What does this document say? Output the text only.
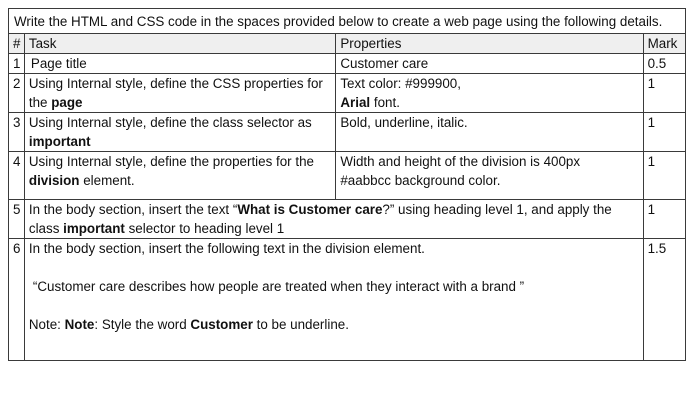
Write the HTML and CSS code in the spaces provided below to create a web page using the following details.			
#	Task	Properties	Mark
1	Page title	Customer care	0.5
2	Using Internal style, define the CSS properties for the page	Text color: #999900,
Arial font.	1
3	Using Internal style, define the class selector as important	Bold, underline, italic.	1
4	Using Internal style, define the properties for the division element.	Width and height of the division is 400px
#aabbcc background color.	1
5	In the body section, insert the text “What is Customer care?” using heading level 1, and apply the class important selector to heading level 1		1
6	In the body section, insert the following text in the division element.
“Customer care describes how people are treated when they interact with a brand ”
Note: Note: Style the word Customer to be underline.		1.5
